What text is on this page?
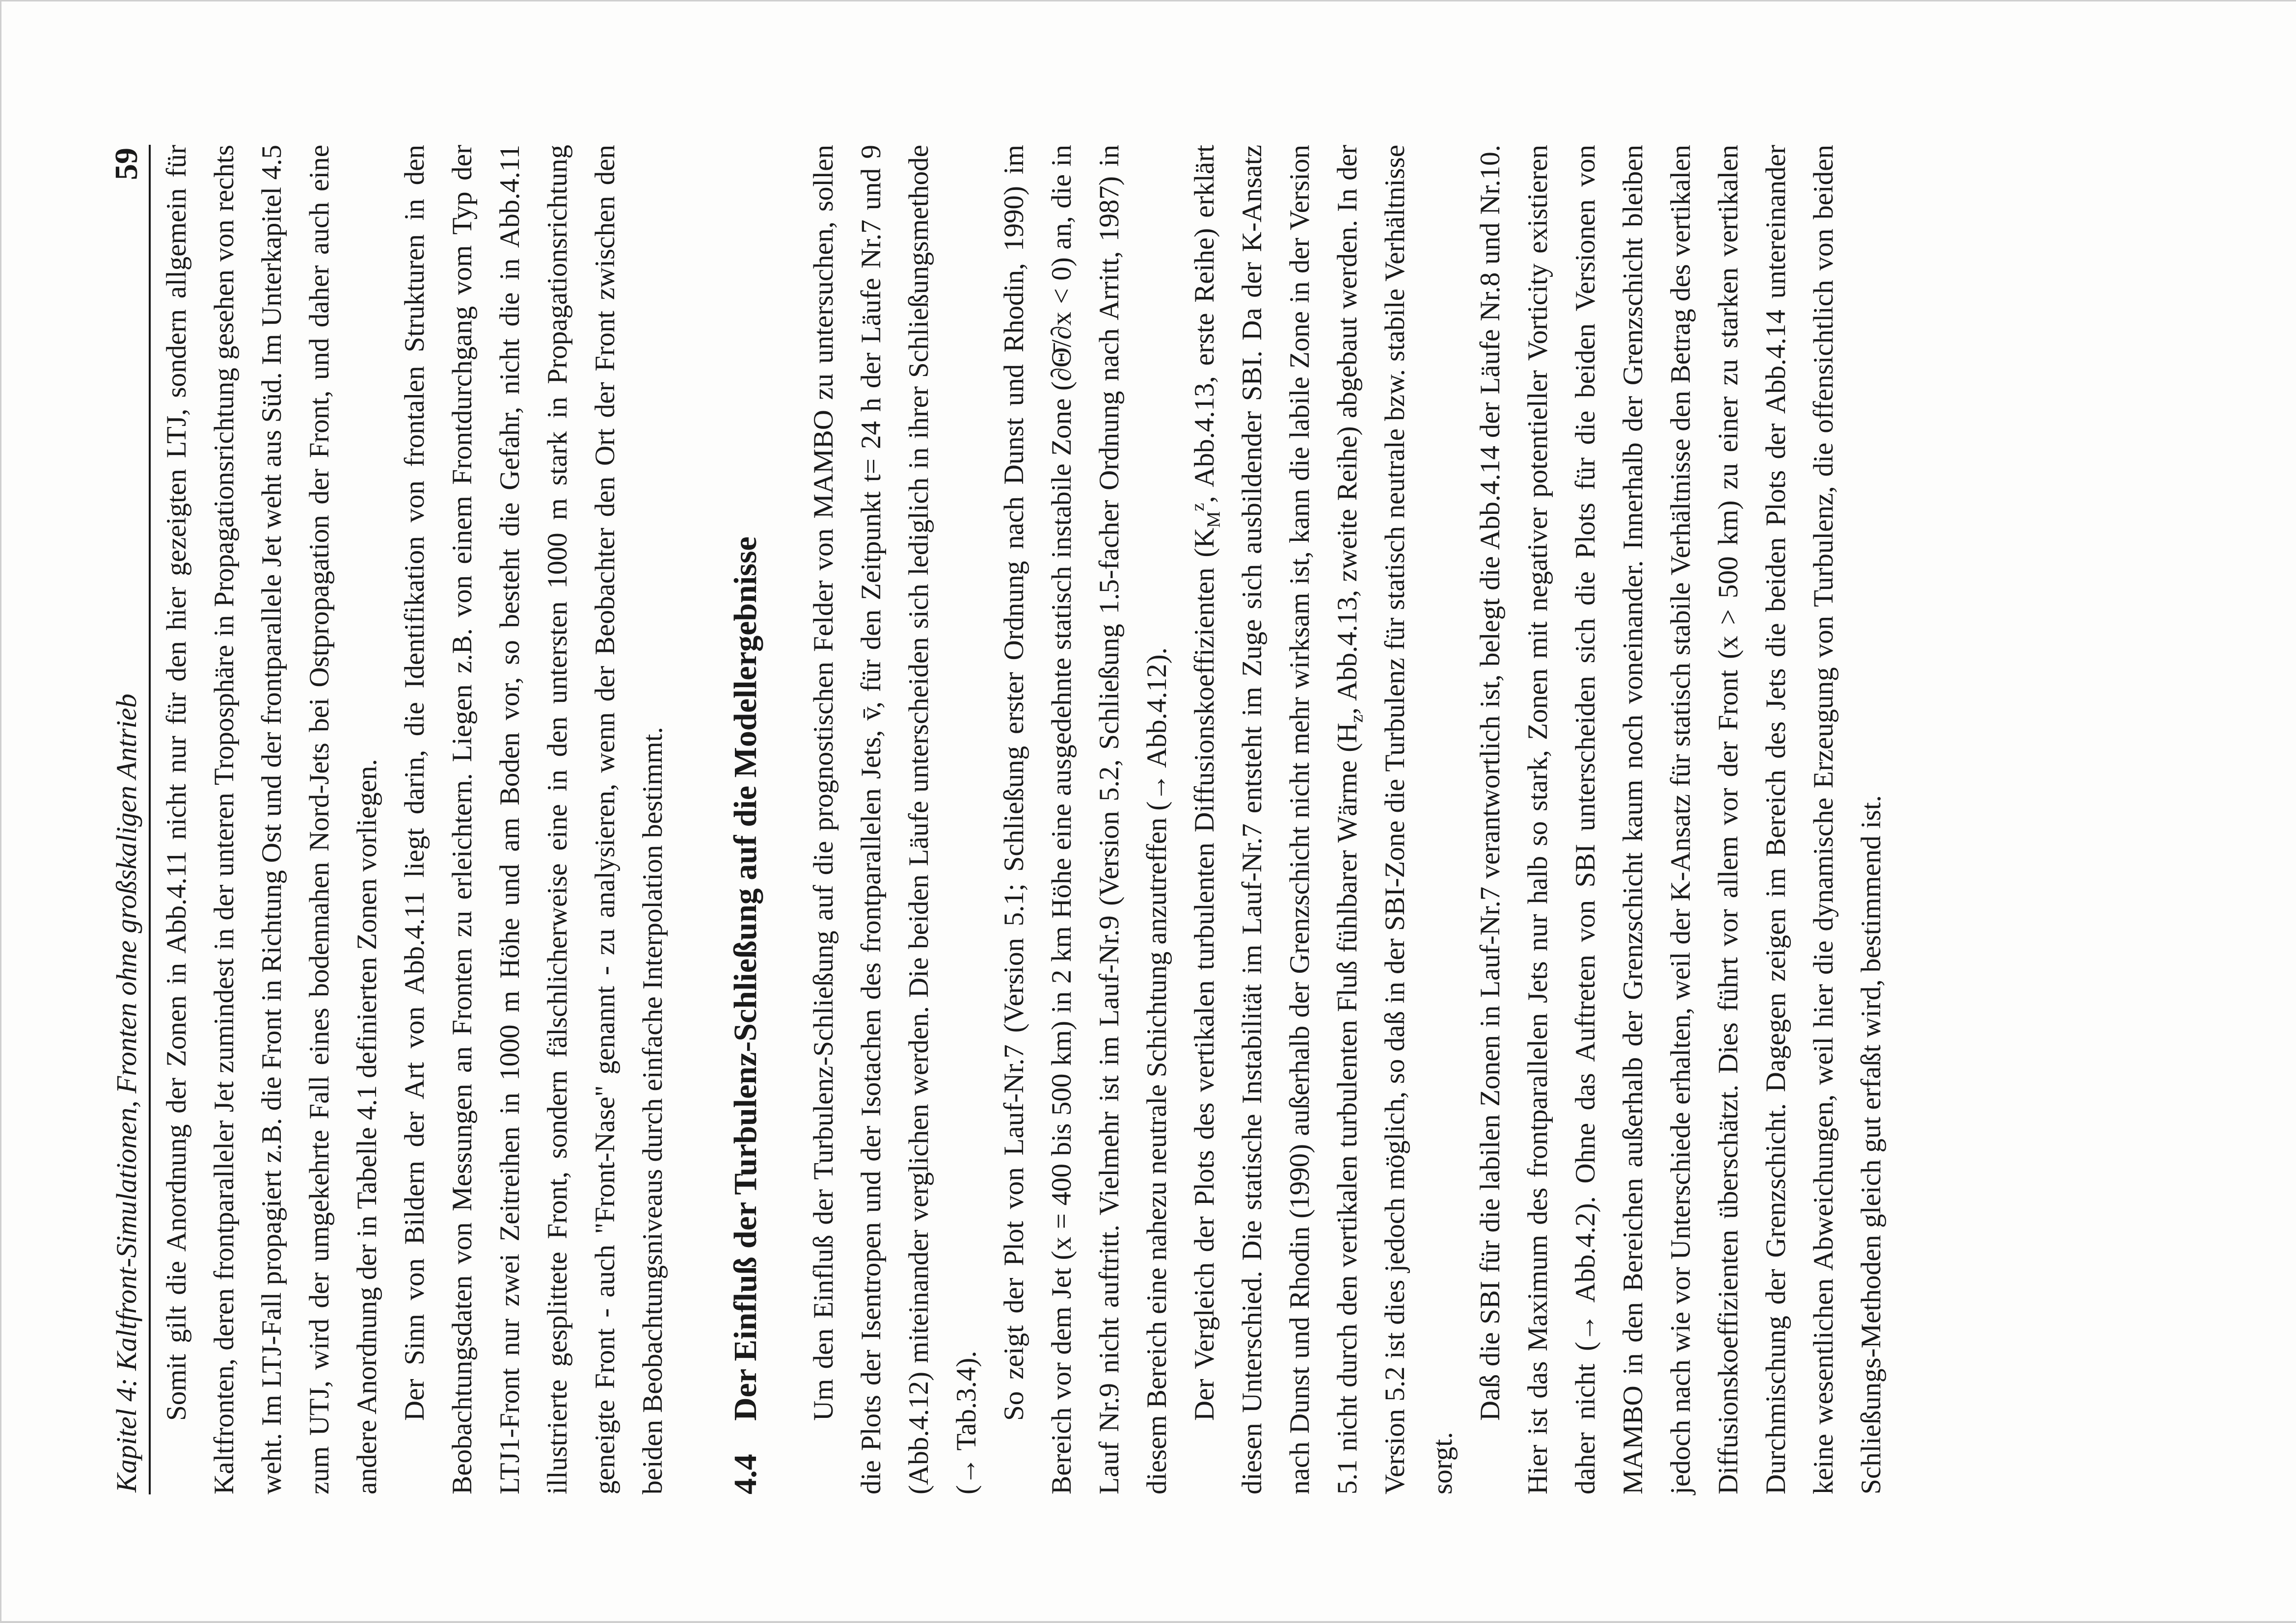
Kapitel 4: Kaltfront-Simulationen, Fronten ohne großskaligen Antrieb
59 Somit gilt die Anordnung der Zonen in Abb.4.11 nicht nur für den hier gezeigten LTJ, sondern allgemein für Kaltfronten, deren frontparalleler Jet zumindest in der unteren Troposphäre in Propagationsrichtung gesehen von rechts weht. Im LTJ-Fall propagiert z.B. die Front in Richtung Ost und der frontparallele Jet weht aus Süd. Im Unterkapitel 4.5 zum UTJ, wird der umgekehrte Fall eines bodennahen Nord-Jets bei Ostpropagation der Front, und daher auch eine andere Anordnung der in Tabelle 4.1 definierten Zonen vorliegen. Der Sinn von Bildern der Art von Abb.4.11 liegt darin, die Identifikation von frontalen Strukturen in den Beobachtungsdaten von Messungen an Fronten zu erleichtern. Liegen z.B. von einem Frontdurchgang vom Typ der LTJ1-Front nur zwei Zeitreihen in 1000 m Höhe und am Boden vor, so besteht die Gefahr, nicht die in Abb.4.11 illustrierte gesplittete Front, sondern fälschlicherweise eine in den untersten 1000 m stark in Propagationsrichtung geneigte Front - auch "Front-Nase" genannt - zu analysieren, wenn der Beobachter den Ort der Front zwischen den beiden Beobachtungsniveaus durch einfache Interpolation bestimmt. 4.4
Der Einfluß der Turbulenz-Schließung auf die Modellergebnisse Um den Einfluß der Turbulenz-Schließung auf die prognostischen Felder von MAMBO zu untersuchen, sollen die Plots der Isentropen und der Isotachen des frontparallelen Jets, v̄, für den Zeitpunkt t= 24 h der Läufe Nr.7 und 9 (Abb.4.12) miteinander verglichen werden. Die beiden Läufe unterscheiden sich lediglich in ihrer Schließungsmethode (→ Tab.3.4).

So zeigt der Plot von Lauf-Nr.7 (Version 5.1; Schließung erster Ordnung nach Dunst und Rhodin, 1990) im Bereich vor dem Jet (x = 400 bis 500 km) in 2 km Höhe eine ausgedehnte statisch instabile Zone (∂Θ̄/∂x < 0) an, die in Lauf Nr.9 nicht auftritt. Vielmehr ist im Lauf-Nr.9 (Version 5.2, Schließung 1.5-facher Ordnung nach Arritt, 1987) in diesem Bereich eine nahezu neutrale Schichtung anzutreffen (→ Abb.4.12). Der Vergleich der Plots des vertikalen turbulenten Diffusionskoeffizienten ($K_M^z$, Abb.4.13, erste Reihe) erklärt diesen Unterschied. Die statische Instabilität im Lauf-Nr.7 entsteht im Zuge sich ausbildender SBI. Da der K-Ansatz nach Dunst und Rhodin (1990) außerhalb der Grenzschicht nicht mehr wirksam ist, kann die labile Zone in der Version 5.1 nicht durch den vertikalen turbulenten Fluß fühlbarer Wärme ($H_z$, Abb.4.13, zweite Reihe) abgebaut werden. In der Version 5.2 ist dies jedoch möglich, so daß in der SBI-Zone die Turbulenz für statisch neutrale bzw. stabile Verhältnisse sorgt.

Daß die SBI für die labilen Zonen in Lauf-Nr.7 verantwortlich ist, belegt die Abb.4.14 der Läufe Nr.8 und Nr.10. Hier ist das Maximum des frontparallelen Jets nur halb so stark, Zonen mit negativer potentieller Vorticity existieren daher nicht (→ Abb.4.2). Ohne das Auftreten von SBI unterscheiden sich die Plots für die beiden Versionen von MAMBO in den Bereichen außerhalb der Grenzschicht kaum noch voneinander. Innerhalb der Grenzschicht bleiben jedoch nach wie vor Unterschiede erhalten, weil der K-Ansatz für statisch stabile Verhältnisse den Betrag des vertikalen Diffusionskoeffizienten überschätzt. Dies führt vor allem vor der Front (x > 500 km) zu einer zu starken vertikalen Durchmischung der Grenzschicht. Dagegen zeigen im Bereich des Jets die beiden Plots der Abb.4.14 untereinander keine wesentlichen Abweichungen, weil hier die dynamische Erzeugung von Turbulenz, die offensichtlich von beiden Schließungs-Methoden gleich gut erfaßt wird, bestimmend ist.
